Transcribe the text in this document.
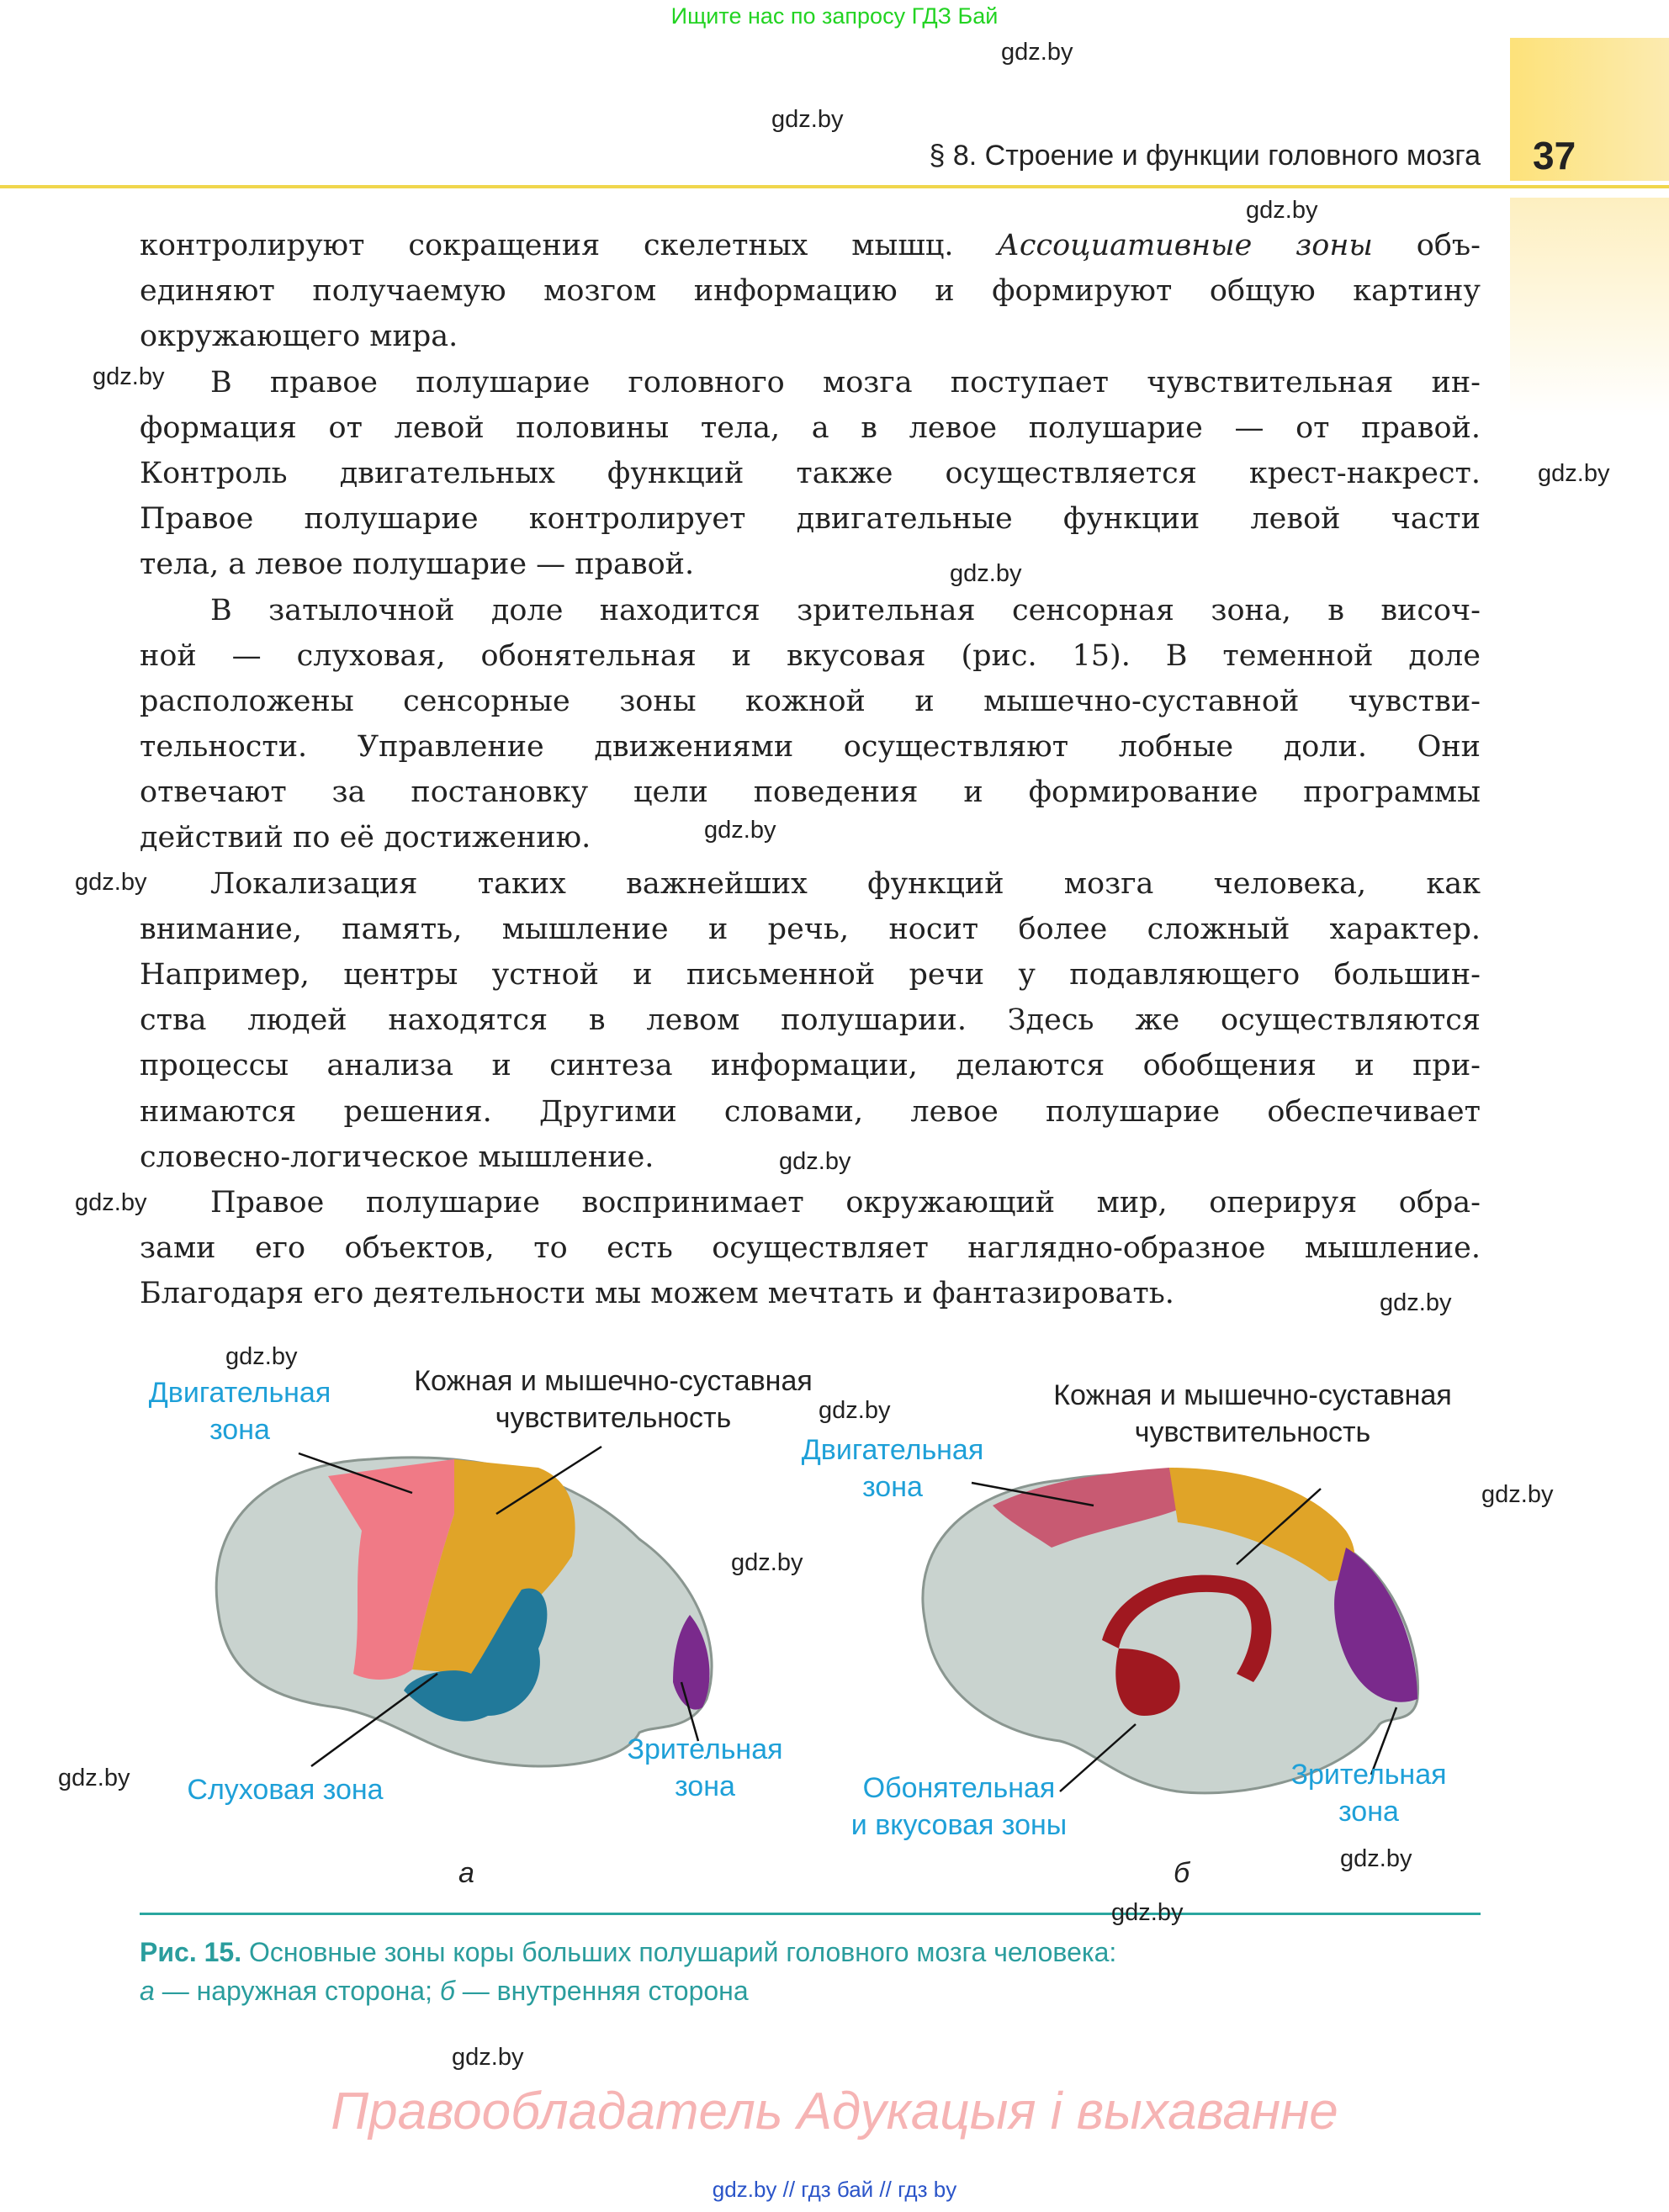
Ищите нас по запросу ГДЗ Бай
§ 8. Строение и функции головного мозга 37
контролируют сокращения скелетных мышц. Ассоциативные зоны объ-
единяют получаемую мозгом информацию и формируют общую картину
окружающего мира.
В правое полушарие головного мозга поступает чувствительная ин-
формация от левой половины тела, а в левое полушарие — от правой.
Контроль двигательных функций также осуществляется крест-накрест.
Правое полушарие контролирует двигательные функции левой части
тела, а левое полушарие — правой.
В затылочной доле находится зрительная сенсорная зона, в височ-
ной — слуховая, обонятельная и вкусовая (рис. 15). В теменной доле
расположены сенсорные зоны кожной и мышечно-суставной чувстви-
тельности. Управление движениями осуществляют лобные доли. Они
отвечают за постановку цели поведения и формирование программы
действий по её достижению.
Локализация таких важнейших функций мозга человека, как
внимание, память, мышление и речь, носит более сложный характер.
Например, центры устной и письменной речи у подавляющего большин-
ства людей находятся в левом полушарии. Здесь же осуществляются
процессы анализа и синтеза информации, делаются обобщения и при-
нимаются решения. Другими словами, левое полушарие обеспечивает
словесно-логическое мышление.
Правое полушарие воспринимает окружающий мир, оперируя обра-
зами его объектов, то есть осуществляет наглядно-образное мышление.
Благодаря его деятельности мы можем мечтать и фантазировать.
Двигательная
зона
Кожная и мышечно-суставная
чувствительность
Слуховая зона
Зрительная
зона
а
Кожная и мышечно-суставная
чувствительность
Двигательная
зона
Обонятельная
и вкусовая зоны
Зрительная
зона
б
Рис. 15. Основные зоны коры больших полушарий головного мозга человека:
а — наружная сторона; б — внутренняя сторона
gdz.by
gdz.by
gdz.by
gdz.by
gdz.by
gdz.by
gdz.by
gdz.by
gdz.by
gdz.by
gdz.by
gdz.by
gdz.by
gdz.by
gdz.by
gdz.by
gdz.by
gdz.by
gdz.by
Правообладатель Адукацыя і выхаванне
gdz.by // гдз бай // гдз by
